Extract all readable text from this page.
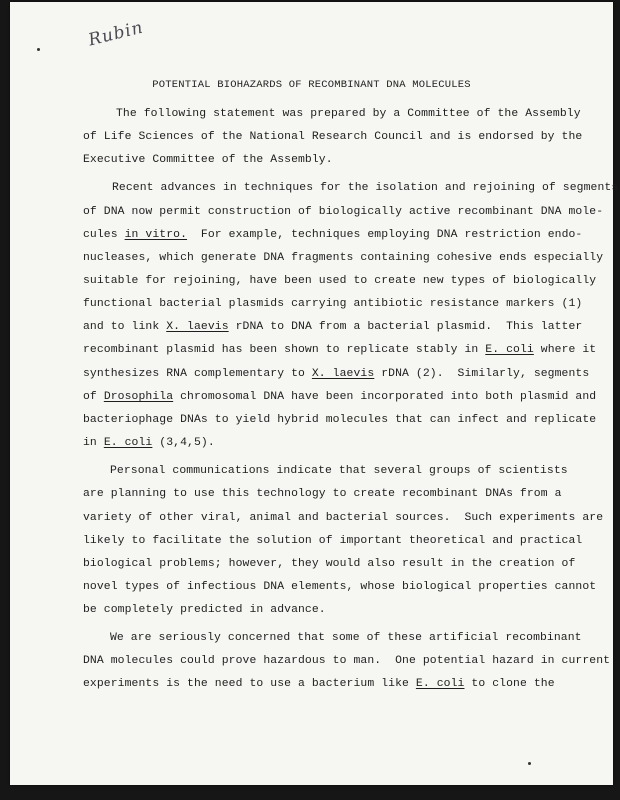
Rubin
POTENTIAL BIOHAZARDS OF RECOMBINANT DNA MOLECULES
The following statement was prepared by a Committee of the Assembly
of Life Sciences of the National Research Council and is endorsed by the
Executive Committee of the Assembly.
Recent advances in techniques for the isolation and rejoining of segments
of DNA now permit construction of biologically active recombinant DNA mole-
cules in vitro.  For example, techniques employing DNA restriction endo-
nucleases, which generate DNA fragments containing cohesive ends especially
suitable for rejoining, have been used to create new types of biologically
functional bacterial plasmids carrying antibiotic resistance markers (1)
and to link X. laevis rDNA to DNA from a bacterial plasmid.  This latter
recombinant plasmid has been shown to replicate stably in E. coli where it
synthesizes RNA complementary to X. laevis rDNA (2).  Similarly, segments
of Drosophila chromosomal DNA have been incorporated into both plasmid and
bacteriophage DNAs to yield hybrid molecules that can infect and replicate
in E. coli (3,4,5).
Personal communications indicate that several groups of scientists
are planning to use this technology to create recombinant DNAs from a
variety of other viral, animal and bacterial sources.  Such experiments are
likely to facilitate the solution of important theoretical and practical
biological problems; however, they would also result in the creation of
novel types of infectious DNA elements, whose biological properties cannot
be completely predicted in advance.
We are seriously concerned that some of these artificial recombinant
DNA molecules could prove hazardous to man.  One potential hazard in current
experiments is the need to use a bacterium like E. coli to clone the
